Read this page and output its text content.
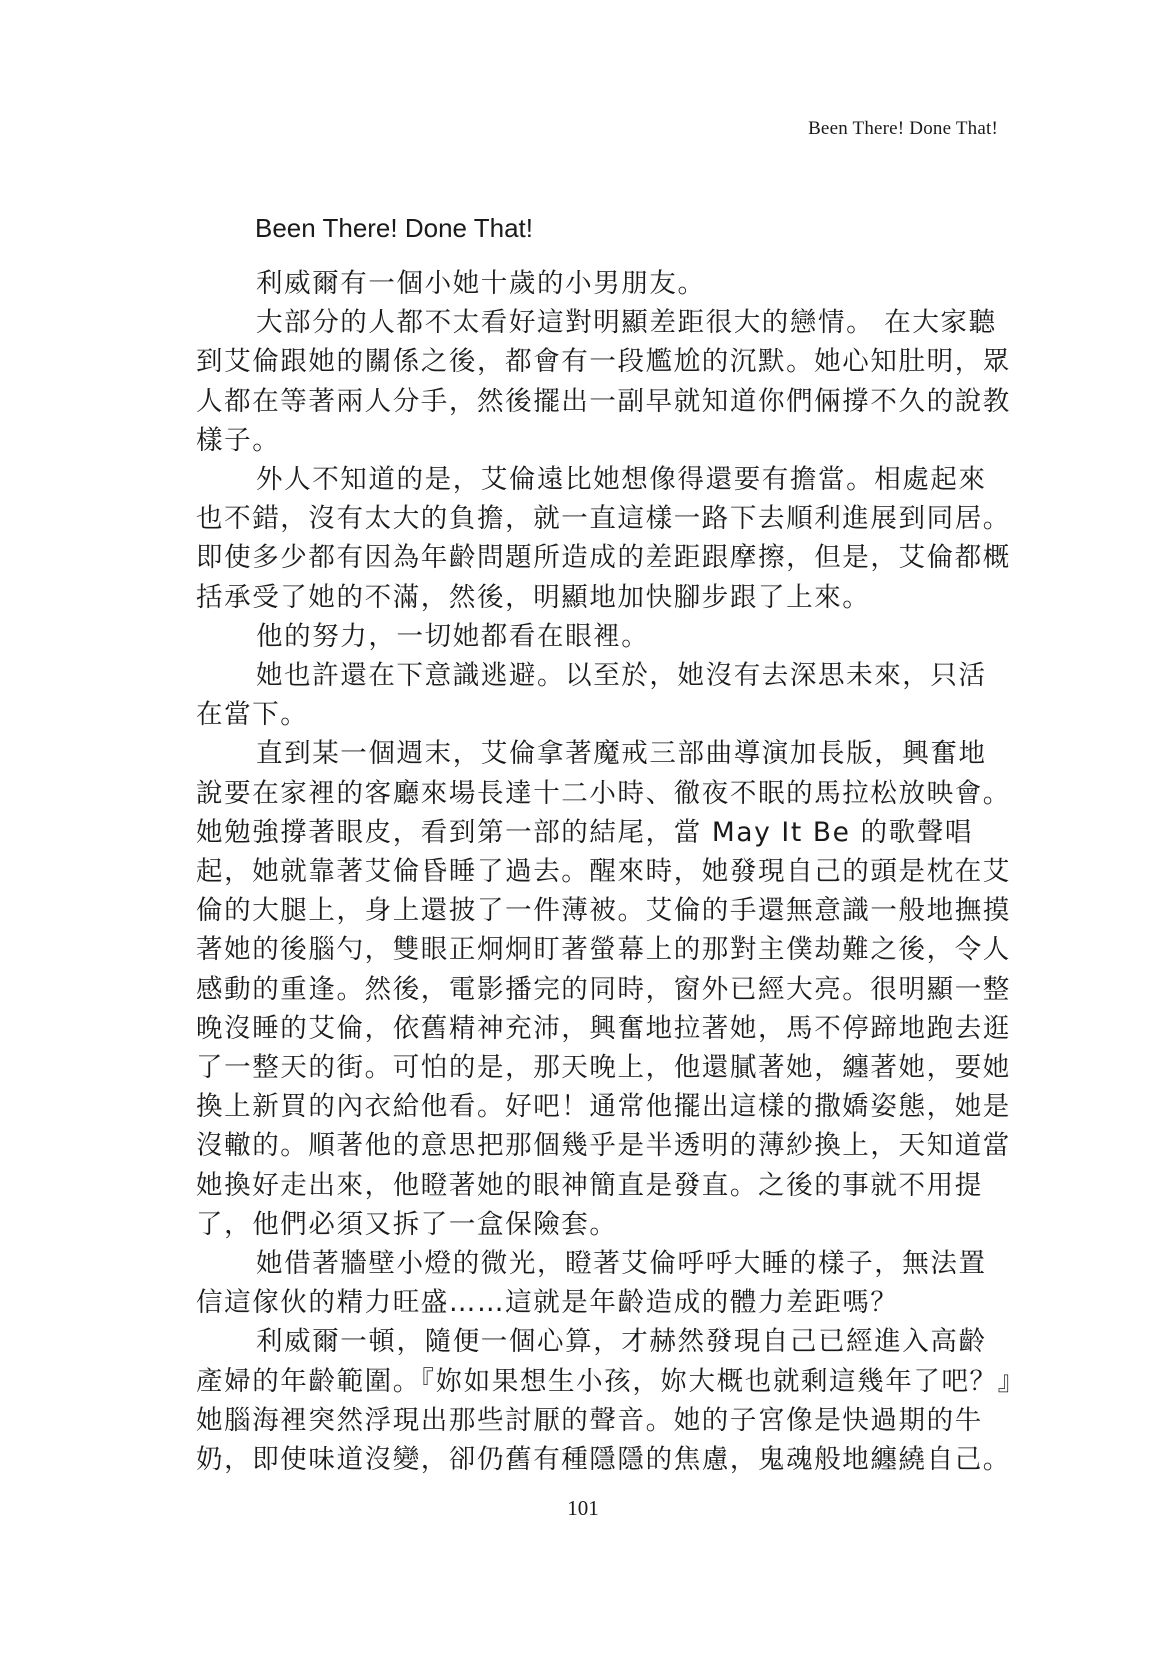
Been There! Done That!
Been There! Done That!

利威爾有一個小她十歲的小男朋友。

大部分的人都不太看好這對明顯差距很大的戀情。 在大家聽到艾倫跟她的關係之後，都會有一段尷尬的沉默。她心知肚明，眾人都在等著兩人分手，然後擺出一副早就知道你們倆撐不久的說教樣子。

外人不知道的是，艾倫遠比她想像得還要有擔當。相處起來也不錯，沒有太大的負擔，就一直這樣一路下去順利進展到同居。即使多少都有因為年齡問題所造成的差距跟摩擦，但是，艾倫都概括承受了她的不滿，然後，明顯地加快腳步跟了上來。

他的努力，一切她都看在眼裡。

她也許還在下意識逃避。以至於，她沒有去深思未來，只活在當下。

直到某一個週末，艾倫拿著魔戒三部曲導演加長版，興奮地說要在家裡的客廳來場長達十二小時、徹夜不眠的馬拉松放映會。她勉強撐著眼皮，看到第一部的結尾，當 May It Be 的歌聲唱起，她就靠著艾倫昏睡了過去。醒來時，她發現自己的頭是枕在艾倫的大腿上，身上還披了一件薄被。艾倫的手還無意識一般地撫摸著她的後腦勺，雙眼正炯炯盯著螢幕上的那對主僕劫難之後，令人感動的重逢。然後，電影播完的同時，窗外已經大亮。很明顯一整晚沒睡的艾倫，依舊精神充沛，興奮地拉著她，馬不停蹄地跑去逛了一整天的街。可怕的是，那天晚上，他還膩著她，纏著她，要她換上新買的內衣給他看。好吧！通常他擺出這樣的撒嬌姿態，她是沒轍的。順著他的意思把那個幾乎是半透明的薄紗換上，天知道當她換好走出來，他瞪著她的眼神簡直是發直。之後的事就不用提了，他們必須又拆了一盒保險套。

她借著牆壁小燈的微光，瞪著艾倫呼呼大睡的樣子，無法置信這傢伙的精力旺盛……這就是年齡造成的體力差距嗎？

利威爾一頓，隨便一個心算，才赫然發現自己已經進入高齡產婦的年齡範圍。『妳如果想生小孩，妳大概也就剩這幾年了吧？』她腦海裡突然浮現出那些討厭的聲音。她的子宮像是快過期的牛奶，即使味道沒變，卻仍舊有種隱隱的焦慮，鬼魂般地纏繞自己。

101
